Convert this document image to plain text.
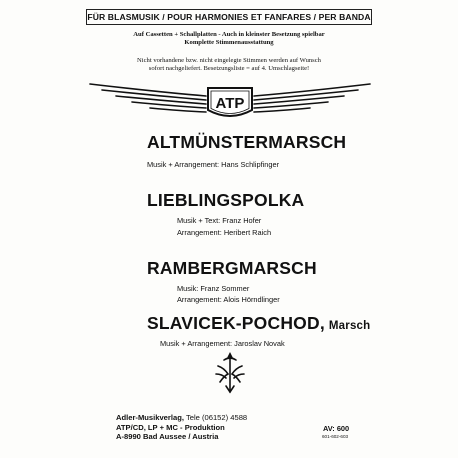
FÜR BLASMUSIK / POUR HARMONIES ET FANFARES / PER BANDA
Auf Cassetten + Schallplatten - Auch in kleinster Besetzung spielbar
Komplette Stimmenausstattung
Nicht vorhandene bzw. nicht eingelegte Stimmen werden auf Wunsch
sofort nachgeliefert. Besetzungsliste = auf 4. Umschlagseite!
ATP
ALTMÜNSTERMARSCH
Musik + Arrangement: Hans Schlipfinger
LIEBLINGSPOLKA
Musik + Text: Franz Hofer
Arrangement: Heribert Raich
RAMBERGMARSCH
Musik: Franz Sommer
Arrangement: Alois Hörndlinger
SLAVICEK-POCHOD, Marsch
Musik + Arrangement: Jaroslav Novak
Adler-Musikverlag, Tele (06152) 4588
ATP/CD, LP + MC - Produktion
A-8990 Bad Aussee / Austria
AV: 600
601-602-603
